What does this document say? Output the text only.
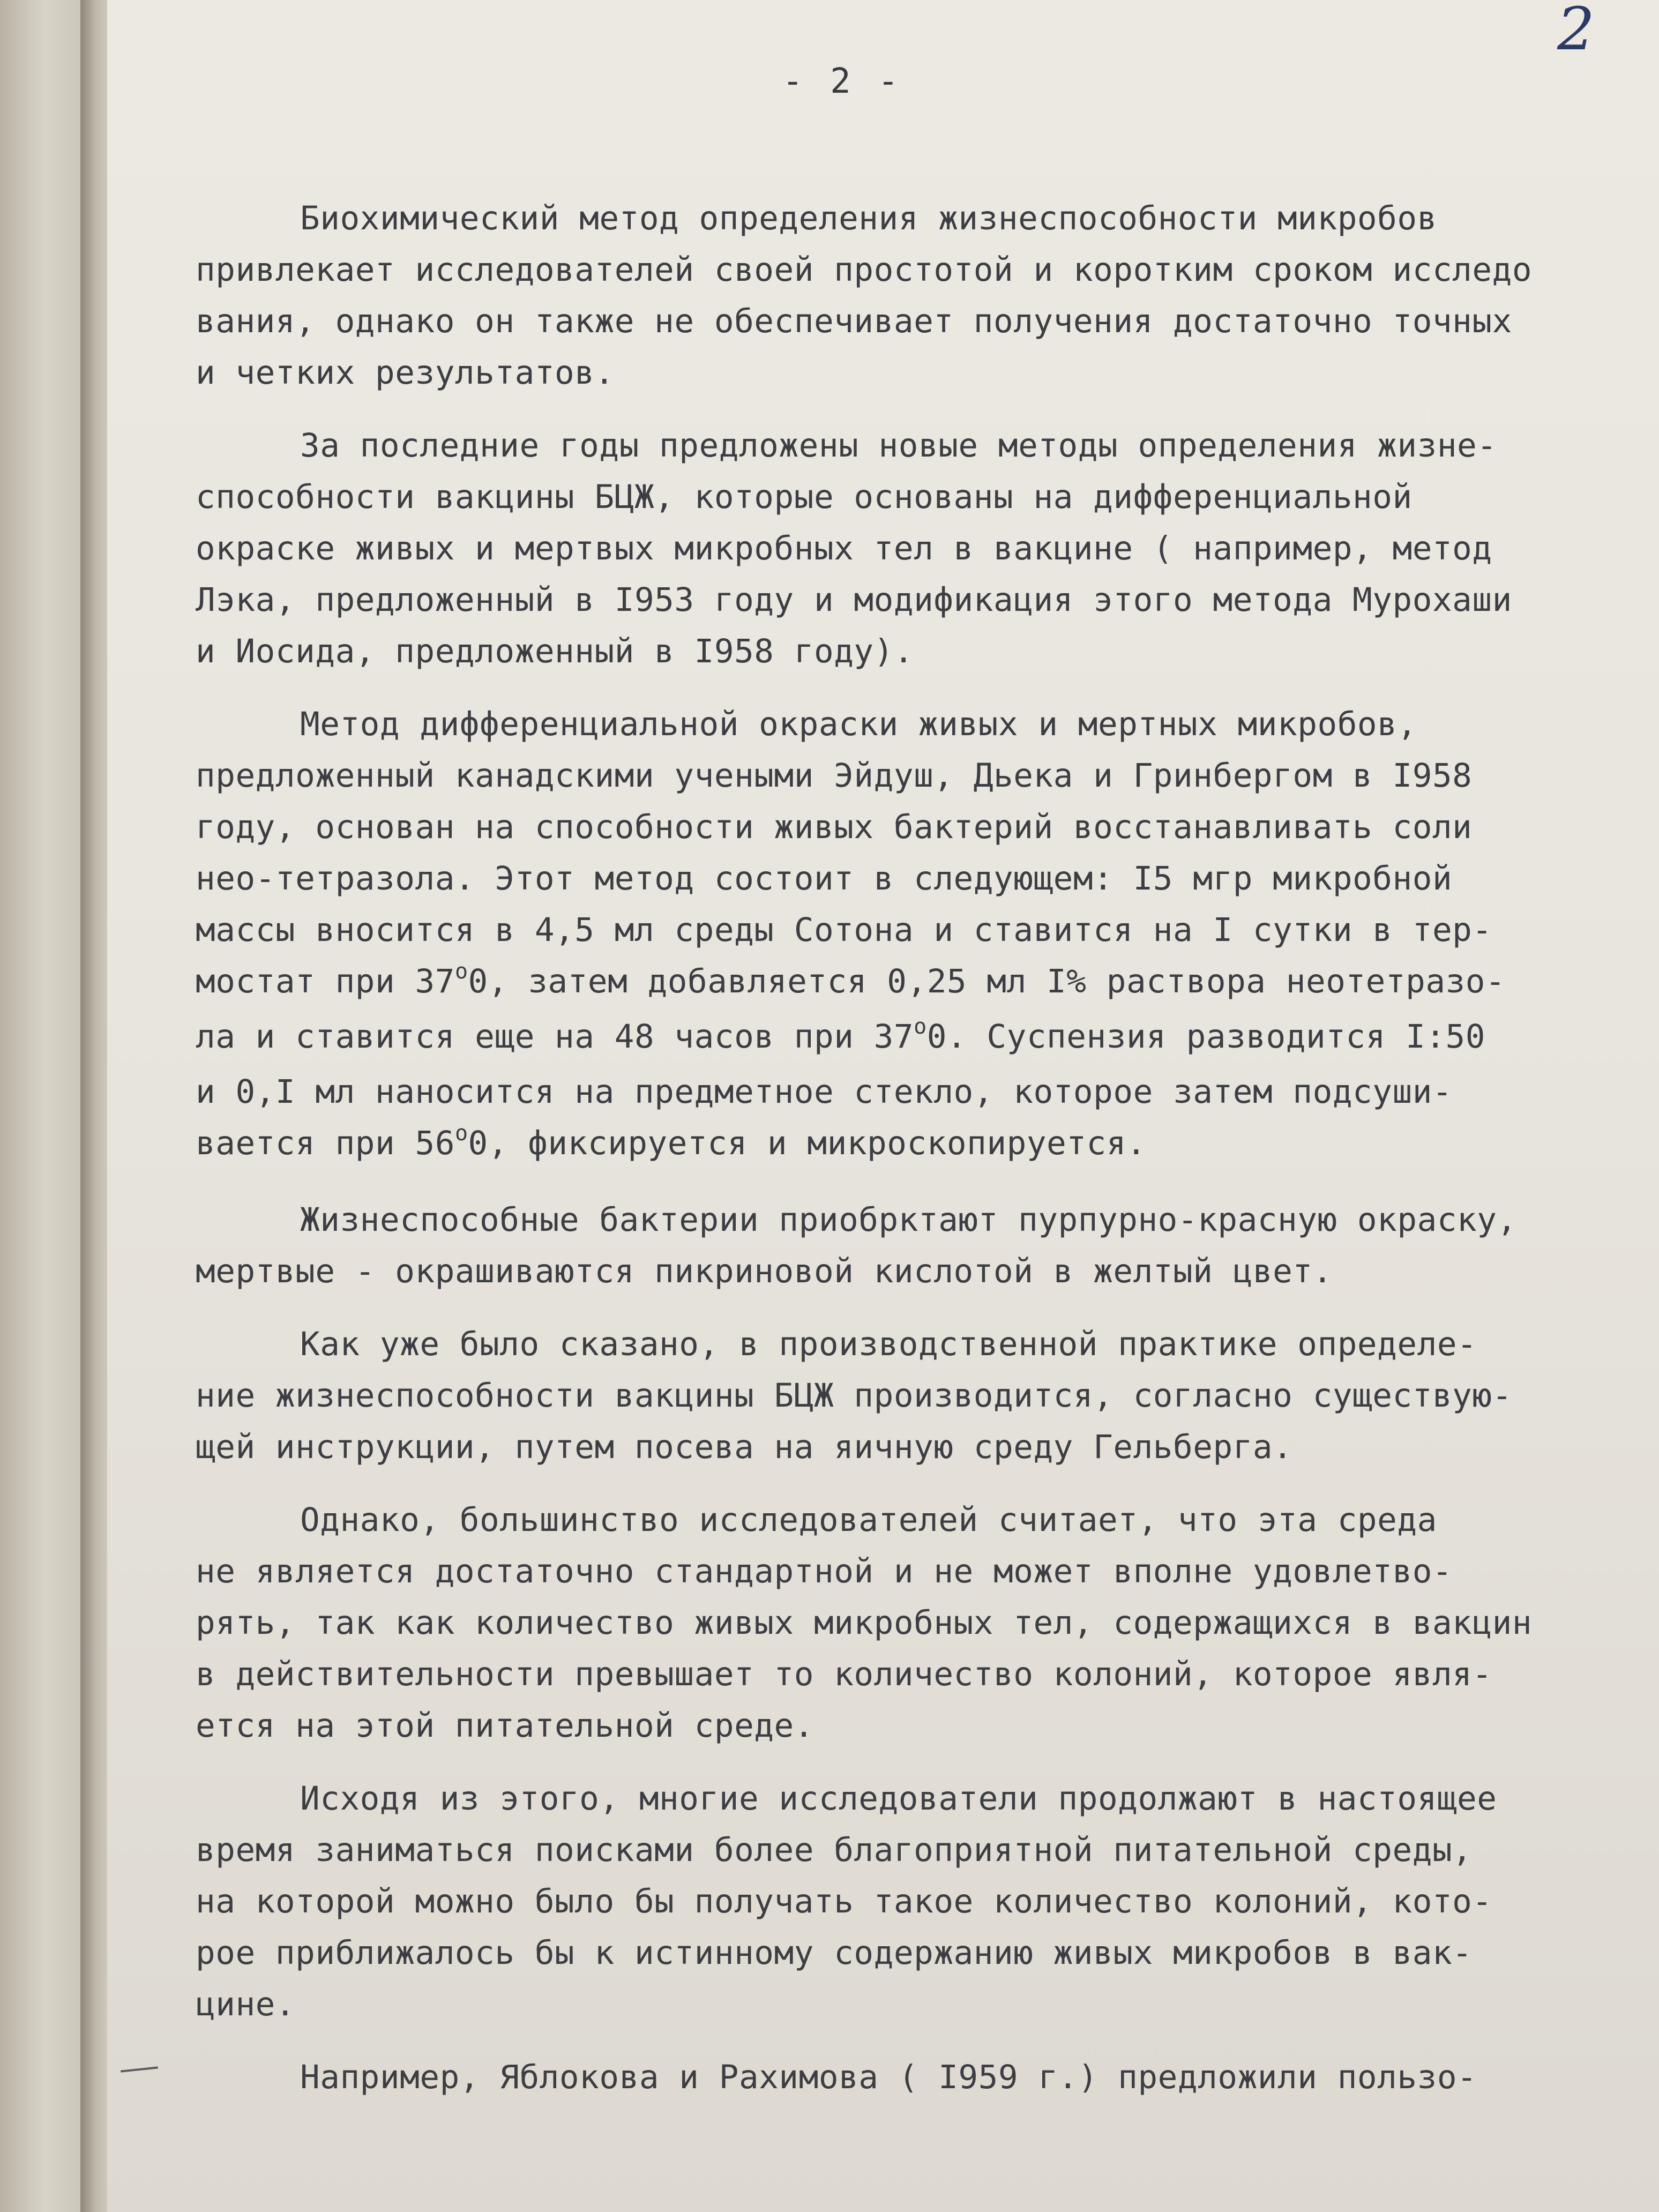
2
- 2 -
Биохимический метод определения жизнеспособности микробов
привлекает исследователей своей простотой и коротким сроком исследо
вания, однако он также не обеспечивает получения достаточно точных
и четких результатов.
За последние годы предложены новые методы определения жизне-
способности вакцины БЦЖ, которые основаны на дифференциальной
окраске живых и мертвых микробных тел в вакцине ( например, метод
Лэка, предложенный в I953 году и модификация этого метода Мурохаши
и Иосида, предложенный в I958 году).
Метод дифференциальной окраски живых и мертных микробов,
предложенный канадскими учеными Эйдуш, Дьека и Гринбергом в I958
году, основан на способности живых бактерий восстанавливать соли
нео-тетразола. Этот метод состоит в следующем: I5 мгр микробной
массы вносится в 4,5 мл среды Сотона и ставится на I сутки в тер-
мостат при 37$^o$0, затем добавляется 0,25 мл I% раствора неотетразо-
ла и ставится еще на 48 часов при 37$^o$0. Суспензия разводится I:50
и 0,I мл наносится на предметное стекло, которое затем подсуши-
вается при 56$^o$0, фиксируется и микроскопируется.
Жизнеспособные бактерии приобрктают пурпурно-красную окраску,
мертвые - окрашиваются пикриновой кислотой в желтый цвет.
Как уже было сказано, в производственной практике определе-
ние жизнеспособности вакцины БЦЖ производится, согласно существую-
щей инструкции, путем посева на яичную среду Гельберга.
Однако, большинство исследователей считает, что эта среда
не является достаточно стандартной и не может вполне удовлетво-
рять, так как количество живых микробных тел, содержащихся в вакцин
в действительности превышает то количество колоний, которое явля-
ется на этой питательной среде.
Исходя из этого, многие исследователи продолжают в настоящее
время заниматься поисками более благоприятной питательной среды,
на которой можно было бы получать такое количество колоний, кото-
рое приближалось бы к истинному содержанию живых микробов в вак-
цине.
Например, Яблокова и Рахимова ( I959 г.) предложили пользо-
